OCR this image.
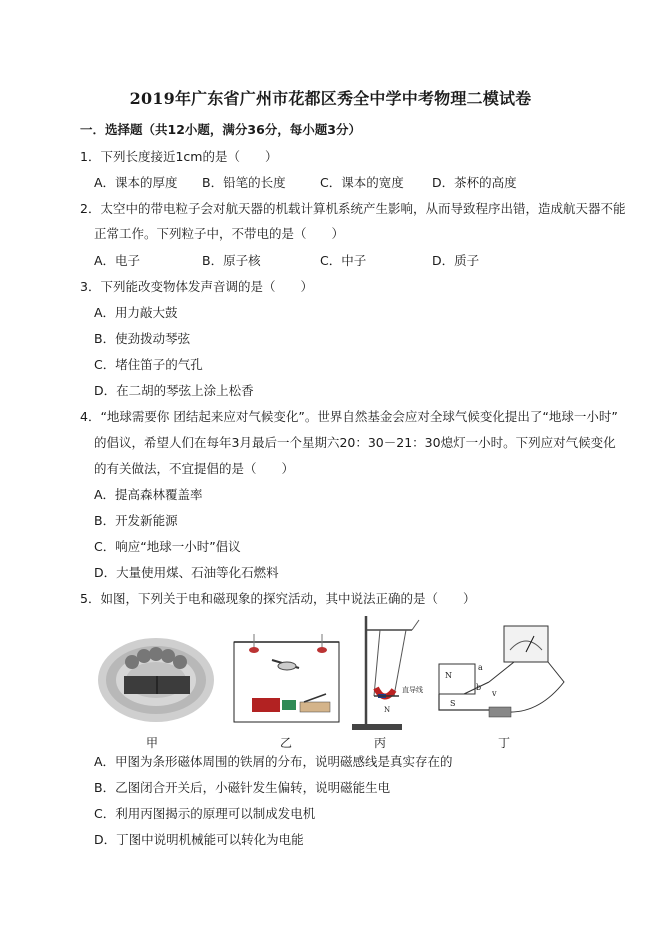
2019年广东省广州市花都区秀全中学中考物理二模试卷
一．选择题（共12小题，满分36分，每小题3分）
1．下列长度接近1cm的是（　　）
A．课本的厚度 B．铅笔的长度	C．课本的宽度 D．茶杯的高度
2．太空中的带电粒子会对航天器的机载计算机系统产生影响，从而导致程序出错，造成航天器不能
正常工作。下列粒子中，不带电的是（　　）
A．电子	B．原子核	C．中子	D．质子
3．下列能改变物体发声音调的是（　　）
A．用力敲大鼓
B．使劲拨动琴弦
C．堵住笛子的气孔
D．在二胡的琴弦上涂上松香
4．“地球需要你 团结起来应对气候变化”。世界自然基金会应对全球气候变化提出了“地球一小时”
的倡议，希望人们在每年3月最后一个星期六20：30－21：30熄灯一小时。下列应对气候变化
的有关做法，不宜提倡的是（　　）
A．提高森林覆盖率
B．开发新能源
C．响应“地球一小时”倡议
D．大量使用煤、石油等化石燃料
5．如图，下列关于电和磁现象的探究活动，其中说法正确的是（　　）
直导线
N
N
S
a
b
v
甲	乙	丙	丁
A．甲图为条形磁体周围的铁屑的分布，说明磁感线是真实存在的
B．乙图闭合开关后，小磁针发生偏转，说明磁能生电
C．利用丙图揭示的原理可以制成发电机
D．丁图中说明机械能可以转化为电能
